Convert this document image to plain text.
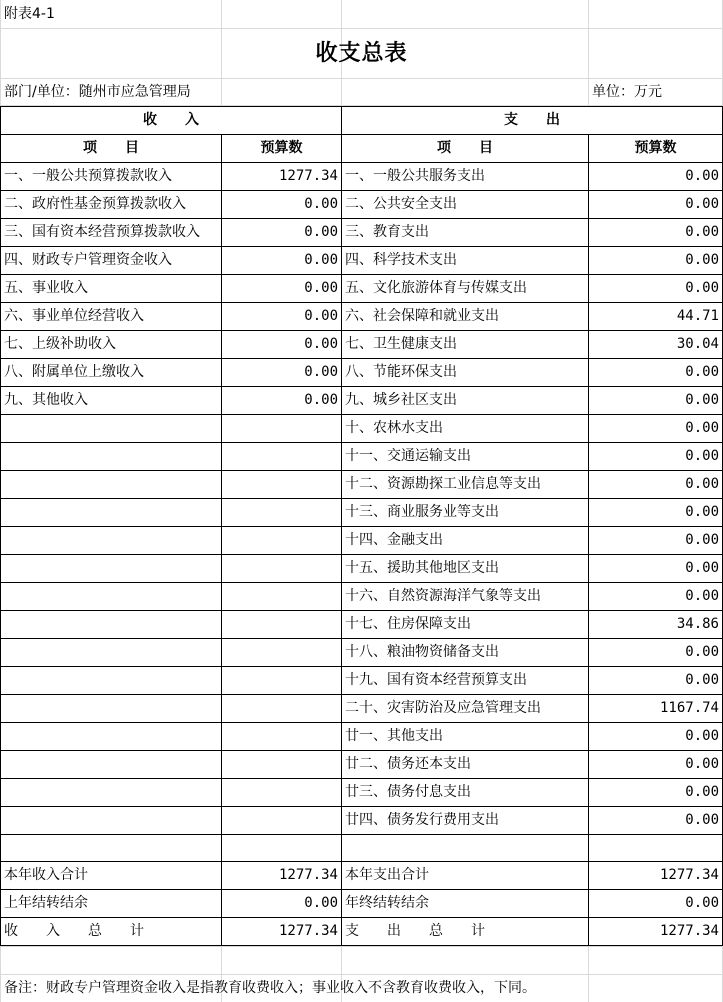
附表4-1
收支总表
部门/单位：随州市应急管理局	单位：万元
收　　入		支　　出	
项　　目	预算数	项　　目	预算数
一、一般公共预算拨款收入	1277.34	一、一般公共服务支出	0.00
二、政府性基金预算拨款收入	0.00	二、公共安全支出	0.00
三、国有资本经营预算拨款收入	0.00	三、教育支出	0.00
四、财政专户管理资金收入	0.00	四、科学技术支出	0.00
五、事业收入	0.00	五、文化旅游体育与传媒支出	0.00
六、事业单位经营收入	0.00	六、社会保障和就业支出	44.71
七、上级补助收入	0.00	七、卫生健康支出	30.04
八、附属单位上缴收入	0.00	八、节能环保支出	0.00
九、其他收入	0.00	九、城乡社区支出	0.00
		十、农林水支出	0.00
		十一、交通运输支出	0.00
		十二、资源勘探工业信息等支出	0.00
		十三、商业服务业等支出	0.00
		十四、金融支出	0.00
		十五、援助其他地区支出	0.00
		十六、自然资源海洋气象等支出	0.00
		十七、住房保障支出	34.86
		十八、粮油物资储备支出	0.00
		十九、国有资本经营预算支出	0.00
		二十、灾害防治及应急管理支出	1167.74
		廿一、其他支出	0.00
		廿二、债务还本支出	0.00
		廿三、债务付息支出	0.00
		廿四、债务发行费用支出	0.00

本年收入合计	1277.34	本年支出合计	1277.34
上年结转结余	0.00	年终结转结余	0.00
收　　入　　总　　计	1277.34	支　　出　　总　　计	1277.34
备注：财政专户管理资金收入是指教育收费收入；事业收入不含教育收费收入，下同。
